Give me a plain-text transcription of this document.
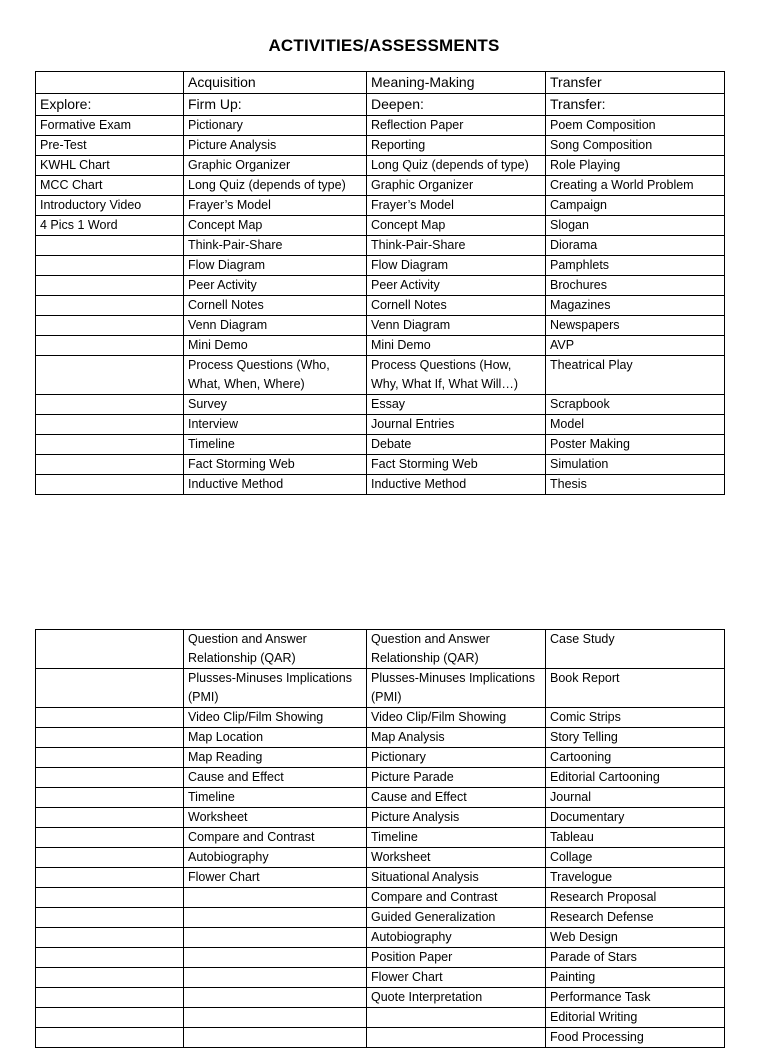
ACTIVITIES/ASSESSMENTS
	Acquisition	Meaning-Making	Transfer
Explore:	Firm Up:	Deepen:	Transfer:
Formative Exam	Pictionary	Reflection Paper	Poem Composition
Pre-Test	Picture Analysis	Reporting	Song Composition
KWHL Chart	Graphic Organizer	Long Quiz (depends of type)	Role Playing
MCC Chart	Long Quiz (depends of type)	Graphic Organizer	Creating a World Problem
Introductory Video	Frayer’s Model	Frayer’s Model	Campaign
4 Pics 1 Word	Concept Map	Concept Map	Slogan
	Think-Pair-Share	Think-Pair-Share	Diorama
	Flow Diagram	Flow Diagram	Pamphlets
	Peer Activity	Peer Activity	Brochures
	Cornell Notes	Cornell Notes	Magazines
	Venn Diagram	Venn Diagram	Newspapers
	Mini Demo	Mini Demo	AVP
	Process Questions (Who, What, When, Where)	Process Questions (How, Why, What If, What Will…)	Theatrical Play
	Survey	Essay	Scrapbook
	Interview	Journal Entries	Model
	Timeline	Debate	Poster Making
	Fact Storming Web	Fact Storming Web	Simulation
	Inductive Method	Inductive Method	Thesis
	Question and Answer Relationship (QAR)	Question and Answer Relationship (QAR)	Case Study
	Plusses-Minuses Implications (PMI)	Plusses-Minuses Implications (PMI)	Book Report
	Video Clip/Film Showing	Video Clip/Film Showing	Comic Strips
	Map Location	Map Analysis	Story Telling
	Map Reading	Pictionary	Cartooning
	Cause and Effect	Picture Parade	Editorial Cartooning
	Timeline	Cause and Effect	Journal
	Worksheet	Picture Analysis	Documentary
	Compare and Contrast	Timeline	Tableau
	Autobiography	Worksheet	Collage
	Flower Chart	Situational Analysis	Travelogue
		Compare and Contrast	Research Proposal
		Guided Generalization	Research Defense
		Autobiography	Web Design
		Position Paper	Parade of Stars
		Flower Chart	Painting
		Quote Interpretation	Performance Task
			Editorial Writing
			Food Processing
